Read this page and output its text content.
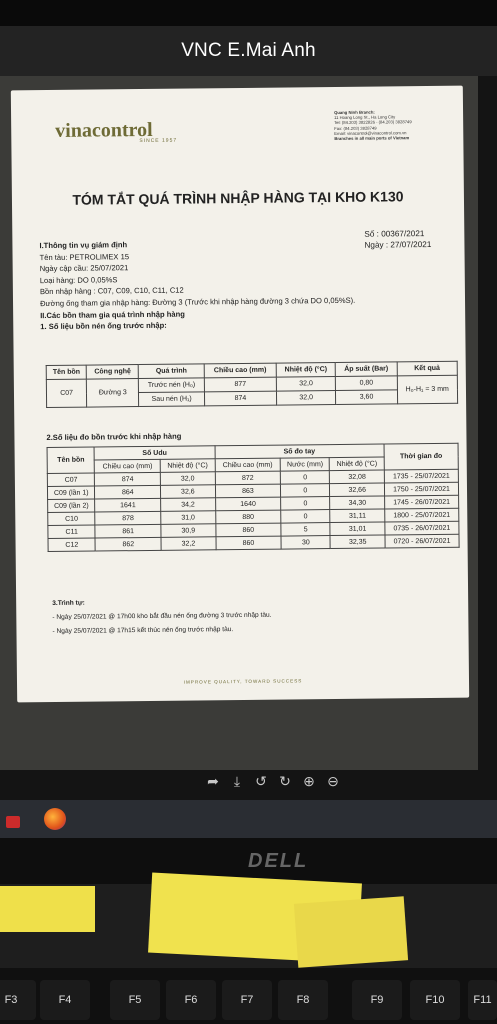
VNC E.Mai Anh
vinacontrol
SINCE 1957
Quang Ninh Branch:
11 Hoang Long St., Ha Long City
Tel: (84.203) 3822826 - (84.203) 3828749
Fax: (84.203) 3828749
Email: vinacontrol@vinacontrol.com.vn
Branches in all main ports of Vietnam
TÓM TẮT QUÁ TRÌNH NHẬP HÀNG TẠI KHO K130
Số : 00367/2021
Ngày : 27/07/2021
I.Thông tin vụ giám định
Tên tàu: PETROLIMEX 15
Ngày cập cầu: 25/07/2021
Loại hàng: DO 0,05%S
Bồn nhập hàng : C07, C09, C10, C11, C12
Đường ống tham gia nhập hàng: Đường 3 (Trước khi nhập hàng đường 3 chứa DO 0,05%S).
II.Các bồn tham gia quá trình nhập hàng
1. Số liệu bồn nén ống trước nhập:
Tên bồn	Công nghệ	Quá trình	Chiều cao (mm)	Nhiệt độ (°C)	Áp suất (Bar)	Kết quả
C07	Đường 3	Trước nén (H₀)	877	32,0	0,80	H₀-H₁ = 3 mm
		Sau nén (H₁)	874	32,0	3,60	
2.Số liệu đo bồn trước khi nhập hàng
Tên bồn	Số Udu		Số đo tay			Thời gian đo
	Chiều cao (mm)	Nhiệt độ (°C)	Chiều cao (mm)	Nước (mm)	Nhiệt độ (°C)	
C07	874	32,0	872	0	32,08	1735 - 25/07/2021
C09 (lần 1)	864	32,6	863	0	32,66	1750 - 25/07/2021
C09 (lần 2)	1641	34,2	1640	0	34,30	1745 - 26/07/2021
C10	878	31,0	880	0	31,11	1800 - 25/07/2021
C11	861	30,9	860	5	31,01	0735 - 26/07/2021
C12	862	32,2	860	30	32,35	0720 - 26/07/2021
3.Trình tự:
- Ngày 25/07/2021 @ 17h00 kho bắt đầu nén ống đường 3 trước nhập tàu.
- Ngày 25/07/2021 @ 17h15 kết thúc nén ống trước nhập tàu.
IMPROVE QUALITY, TOWARD SUCCESS
➦	⤓	↺ ↻ ⊕ ⊖
DELL
F3	F4	F5	F6	F7	F8	F9	F10	F11
